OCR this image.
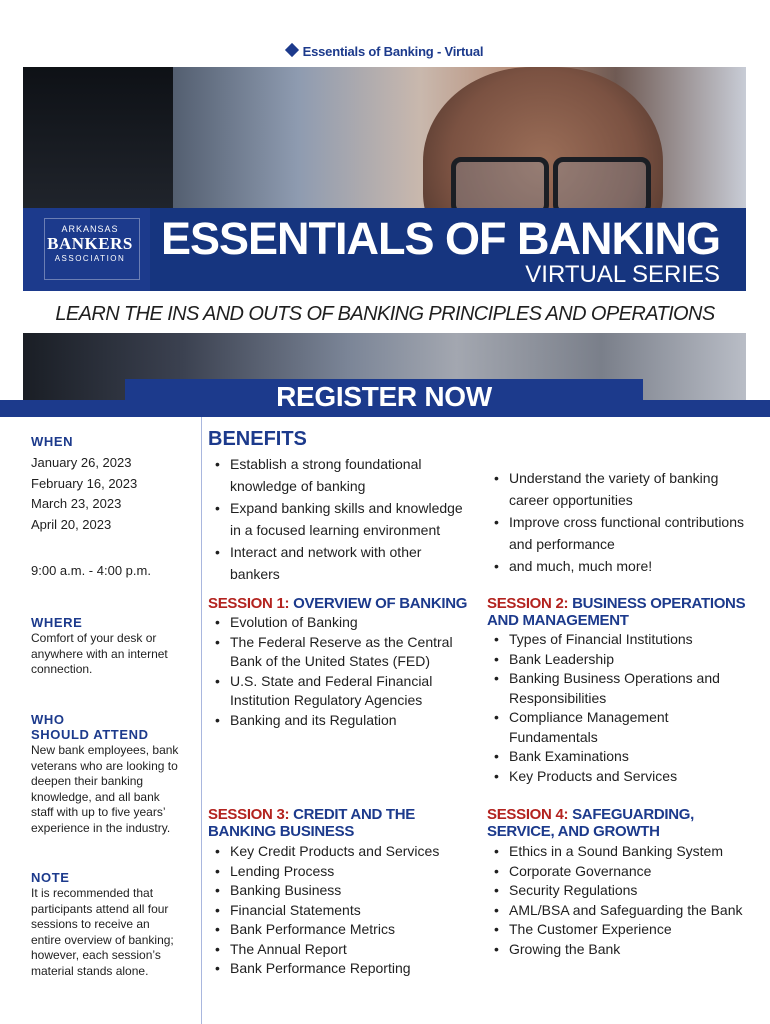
Essentials of Banking - Virtual
ARKANSAS
BANKERS
ASSOCIATION ESSENTIALS OF BANKING
VIRTUAL SERIES
LEARN THE INS AND OUTS OF BANKING PRINCIPLES AND OPERATIONS
REGISTER NOW
WHEN
January 26, 2023
February 16, 2023
March 23, 2023
April 20, 2023
9:00 a.m. - 4:00 p.m.
WHERE
Comfort of your desk or anywhere with an internet connection.
WHO
SHOULD ATTEND
New bank employees, bank veterans who are looking to deepen their banking knowledge, and all bank staff with up to five years’ experience in the industry.
NOTE
It is recommended that participants attend all four sessions to receive an entire overview of banking; however, each session’s material stands alone.
BENEFITS
• Establish a strong foundational knowledge of banking
• Expand banking skills and knowledge in a focused learning environment
• Interact and network with other bankers
• Understand the variety of banking career opportunities
• Improve cross functional contributions and performance
• and much, much more!
SESSION 1: OVERVIEW OF BANKING
• Evolution of Banking
• The Federal Reserve as the Central Bank of the United States (FED)
• U.S. State and Federal Financial Institution Regulatory Agencies
• Banking and its Regulation
SESSION 2: BUSINESS OPERATIONS AND MANAGEMENT
• Types of Financial Institutions
• Bank Leadership
• Banking Business Operations and Responsibilities
• Compliance Management Fundamentals
• Bank Examinations
• Key Products and Services
SESSION 3: CREDIT AND THE BANKING BUSINESS
• Key Credit Products and Services
• Lending Process
• Banking Business
• Financial Statements
• Bank Performance Metrics
• The Annual Report
• Bank Performance Reporting
SESSION 4: SAFEGUARDING, SERVICE, AND GROWTH
• Ethics in a Sound Banking System
• Corporate Governance
• Security Regulations
• AML/BSA and Safeguarding the Bank
• The Customer Experience
• Growing the Bank
